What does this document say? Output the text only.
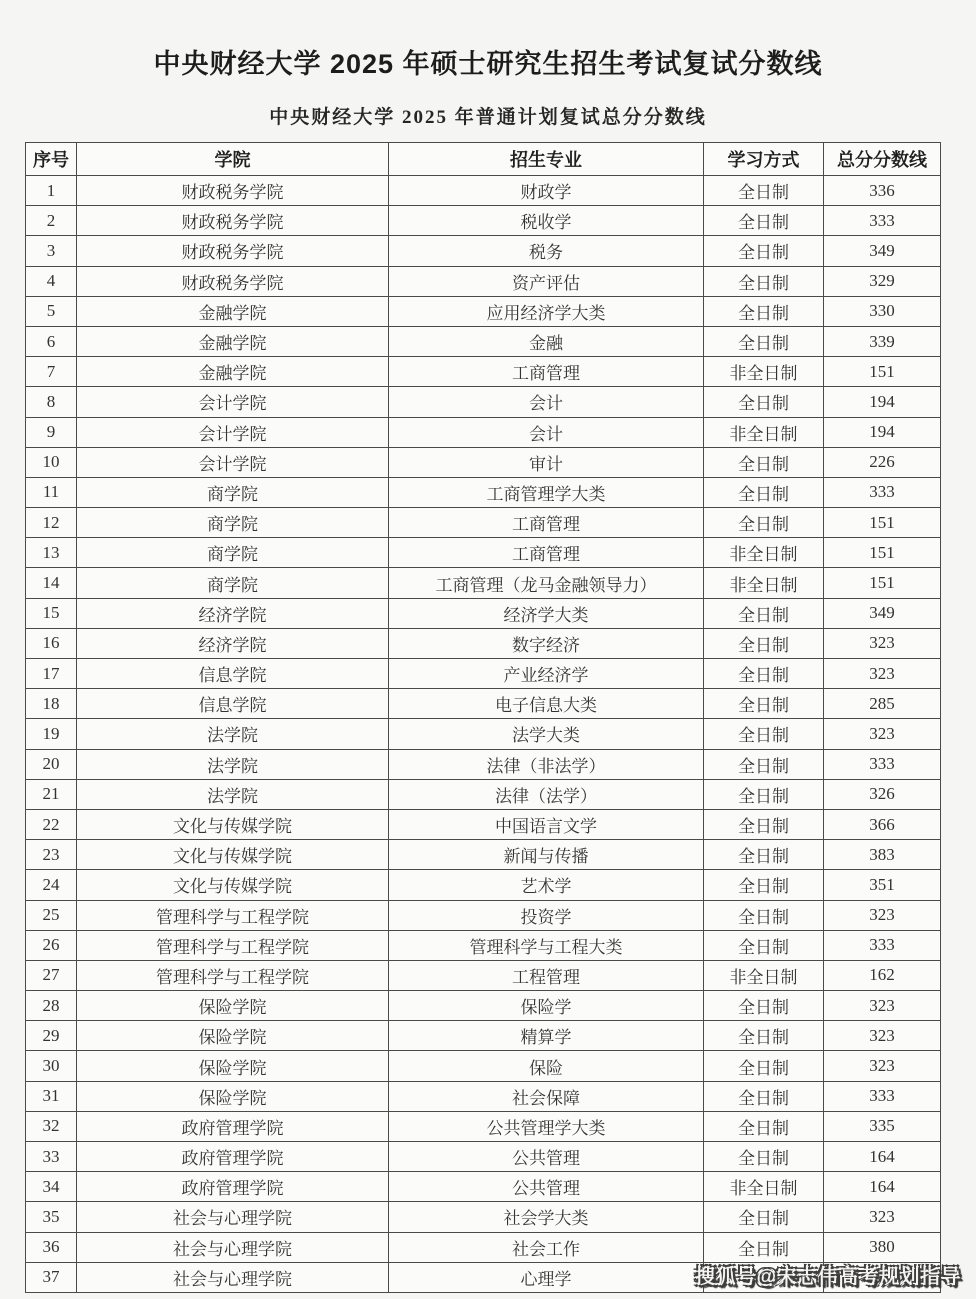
中央财经大学 2025 年硕士研究生招生考试复试分数线
中央财经大学 2025 年普通计划复试总分分数线
序号	学院	招生专业	学习方式	总分分数线
1	财政税务学院	财政学	全日制	336
2	财政税务学院	税收学	全日制	333
3	财政税务学院	税务	全日制	349
4	财政税务学院	资产评估	全日制	329
5	金融学院	应用经济学大类	全日制	330
6	金融学院	金融	全日制	339
7	金融学院	工商管理	非全日制	151
8	会计学院	会计	全日制	194
9	会计学院	会计	非全日制	194
10	会计学院	审计	全日制	226
11	商学院	工商管理学大类	全日制	333
12	商学院	工商管理	全日制	151
13	商学院	工商管理	非全日制	151
14	商学院	工商管理（龙马金融领导力）	非全日制	151
15	经济学院	经济学大类	全日制	349
16	经济学院	数字经济	全日制	323
17	信息学院	产业经济学	全日制	323
18	信息学院	电子信息大类	全日制	285
19	法学院	法学大类	全日制	323
20	法学院	法律（非法学）	全日制	333
21	法学院	法律（法学）	全日制	326
22	文化与传媒学院	中国语言文学	全日制	366
23	文化与传媒学院	新闻与传播	全日制	383
24	文化与传媒学院	艺术学	全日制	351
25	管理科学与工程学院	投资学	全日制	323
26	管理科学与工程学院	管理科学与工程大类	全日制	333
27	管理科学与工程学院	工程管理	非全日制	162
28	保险学院	保险学	全日制	323
29	保险学院	精算学	全日制	323
30	保险学院	保险	全日制	323
31	保险学院	社会保障	全日制	333
32	政府管理学院	公共管理学大类	全日制	335
33	政府管理学院	公共管理	全日制	164
34	政府管理学院	公共管理	非全日制	164
35	社会与心理学院	社会学大类	全日制	323
36	社会与心理学院	社会工作	全日制	380
37	社会与心理学院	心理学			搜狐号@宋志伟高考规划指导
